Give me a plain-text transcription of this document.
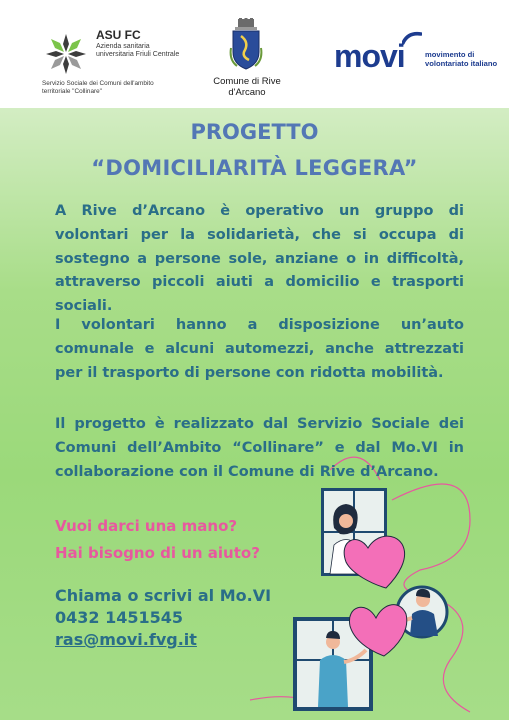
ASU FC
Azienda sanitaria universitaria Friuli Centrale
Servizio Sociale dei Comuni dell'ambito territoriale "Collinare"
Comune di Rive d'Arcano
movi	movimento di volontariato italiano
PROGETTO
“DOMICILIARITÀ LEGGERA”

A Rive d’Arcano è operativo un gruppo di volontari per la solidarietà, che si occupa di sostegno a persone sole, anziane o in difficoltà, attraverso piccoli aiuti a domicilio e trasporti sociali.

I volontari hanno a disposizione un’auto comunale e alcuni automezzi, anche attrezzati per il trasporto di persone con ridotta mobilità.

Il progetto è realizzato dal Servizio Sociale dei Comuni dell’Ambito “Collinare” e dal Mo.VI in collaborazione con il Comune di Rive d’Arcano.

Vuoi darci una mano?
Hai bisogno di un aiuto?
Chiama o scrivi al Mo.VI
0432 1451545
ras@movi.fvg.it
